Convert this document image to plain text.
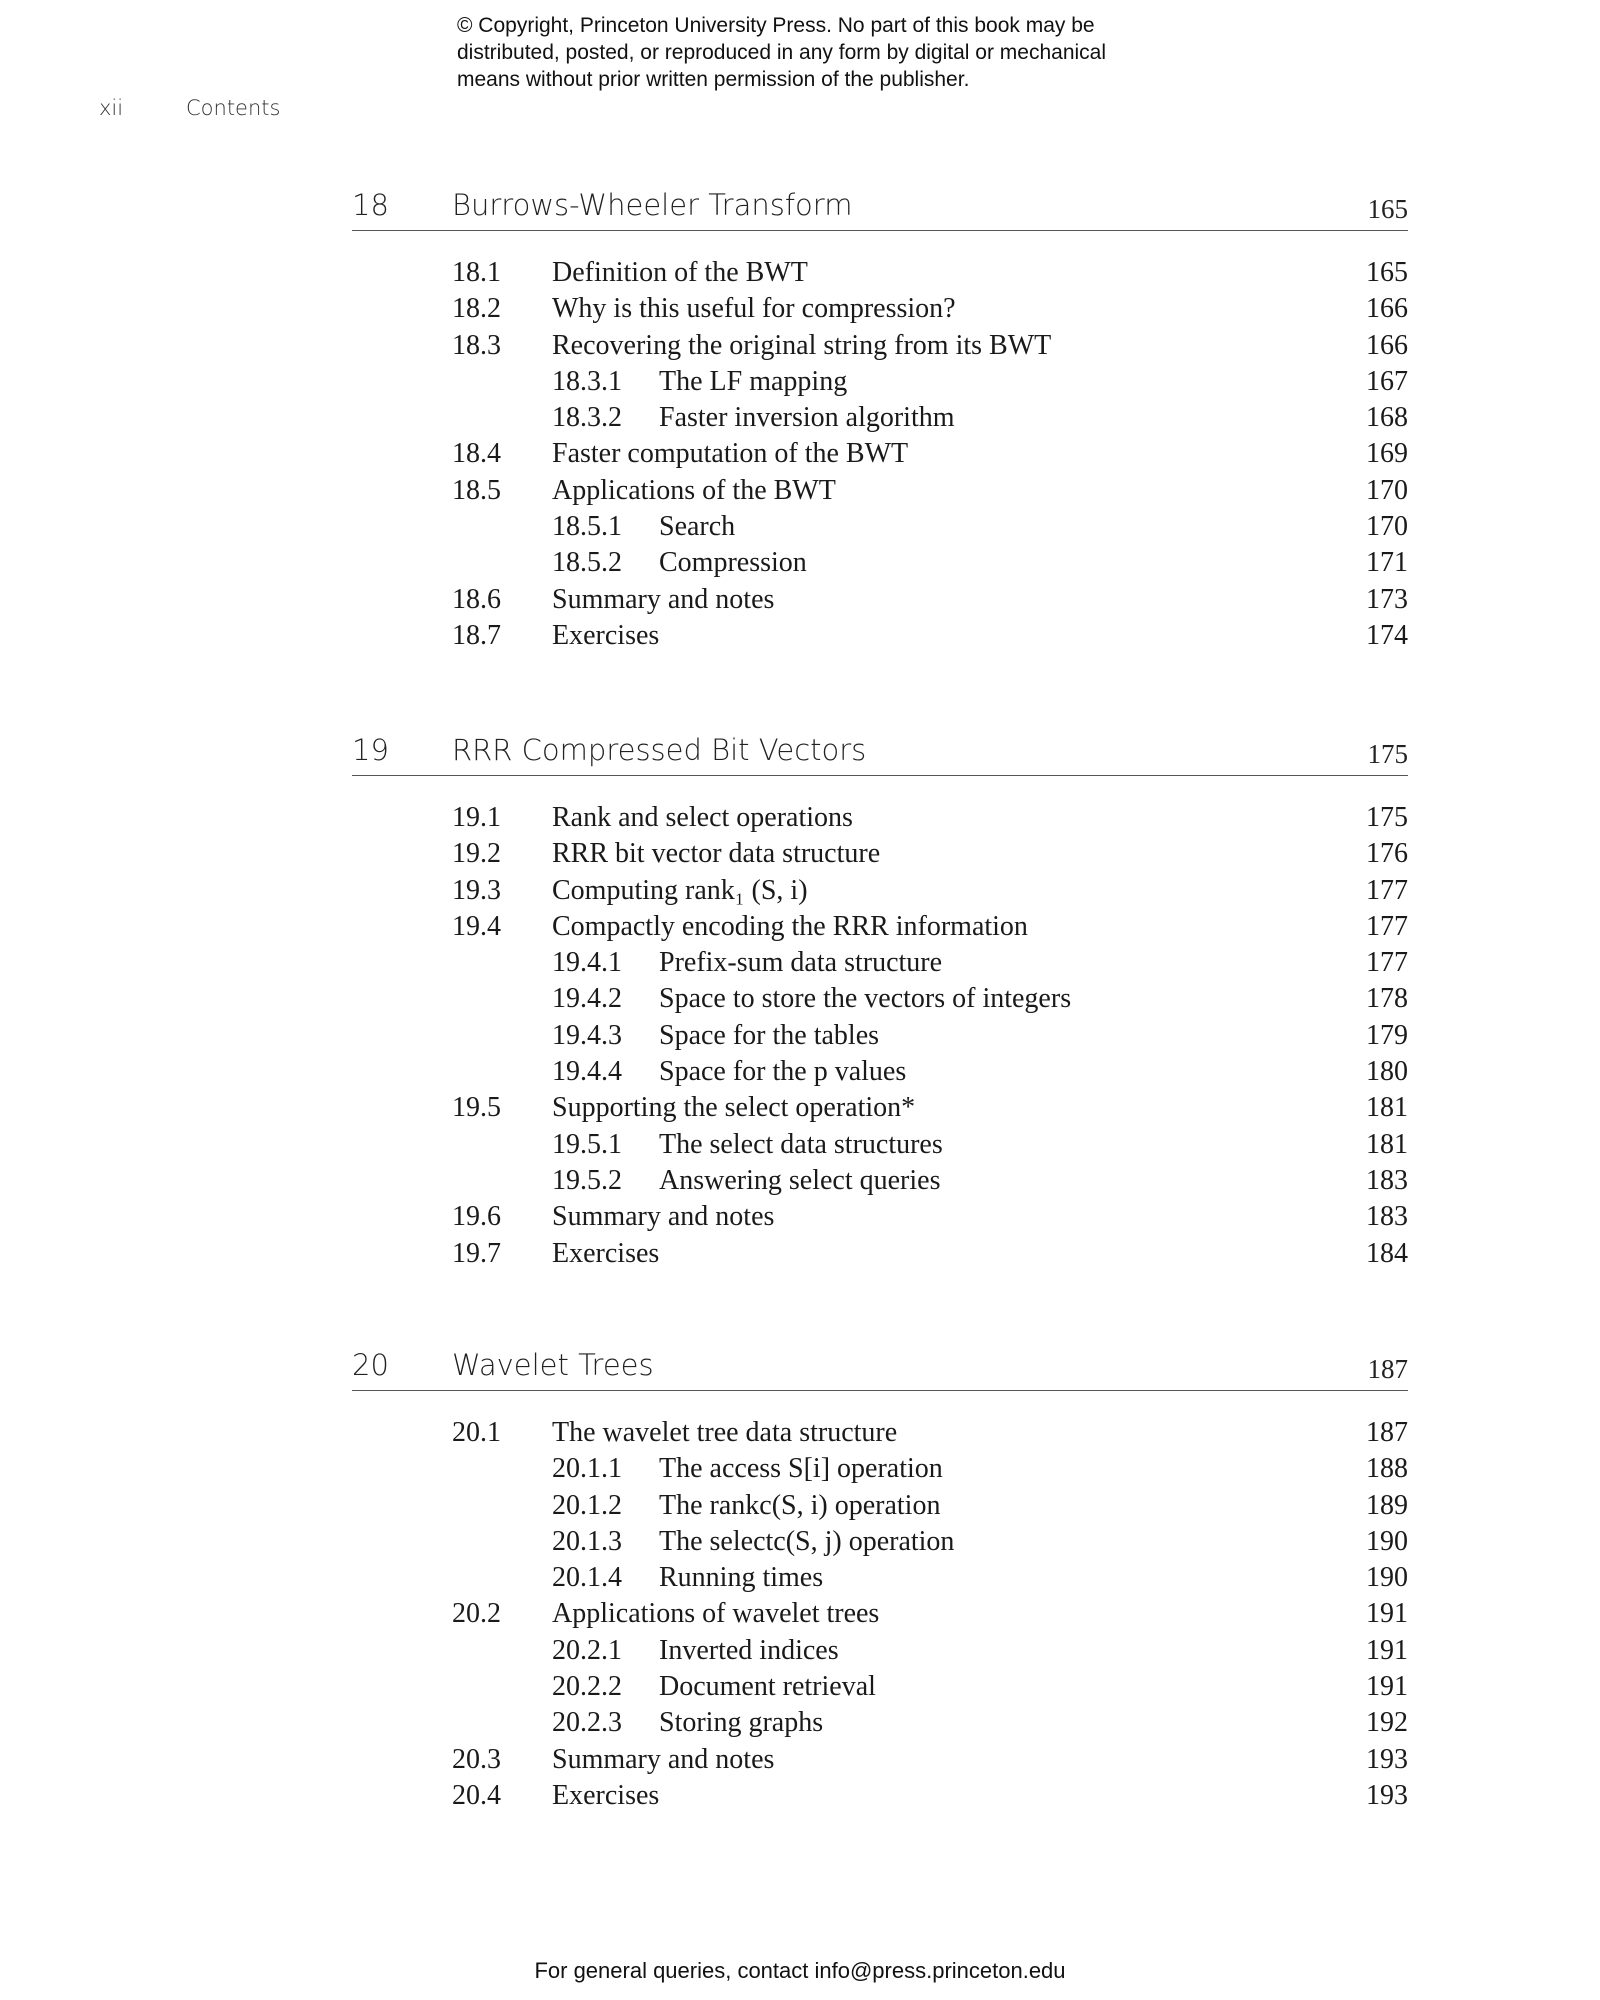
© Copyright, Princeton University Press. No part of this book may be
distributed, posted, or reproduced in any form by digital or mechanical
means without prior written permission of the publisher.
xii	Contents
18 Burrows-Wheeler Transform	165
18.1 Definition of the BWT	165
18.2 Why is this useful for compression?	166
18.3 Recovering the original string from its BWT	166
18.3.1 The LF mapping	167
18.3.2 Faster inversion algorithm	168
18.4 Faster computation of the BWT	169
18.5 Applications of the BWT	170
18.5.1 Search	170
18.5.2 Compression	171
18.6 Summary and notes	173
18.7 Exercises	174
19 RRR Compressed Bit Vectors	175
19.1 Rank and select operations	175
19.2 RRR bit vector data structure	176
19.3 Computing rank₁ (S, i)	177
19.4 Compactly encoding the RRR information	177
19.4.1 Prefix-sum data structure	177
19.4.2 Space to store the vectors of integers	178
19.4.3 Space for the tables	179
19.4.4 Space for the p values	180
19.5 Supporting the select operation*	181
19.5.1 The select data structures	181
19.5.2 Answering select queries	183
19.6 Summary and notes	183
19.7 Exercises	184
20 Wavelet Trees	187
20.1 The wavelet tree data structure	187
20.1.1 The access S[i] operation	188
20.1.2 The rankc(S, i) operation	189
20.1.3 The selectc(S, j) operation	190
20.1.4 Running times	190
20.2 Applications of wavelet trees	191
20.2.1 Inverted indices	191
20.2.2 Document retrieval	191
20.2.3 Storing graphs	192
20.3 Summary and notes	193
20.4 Exercises	193
For general queries, contact info@press.princeton.edu
